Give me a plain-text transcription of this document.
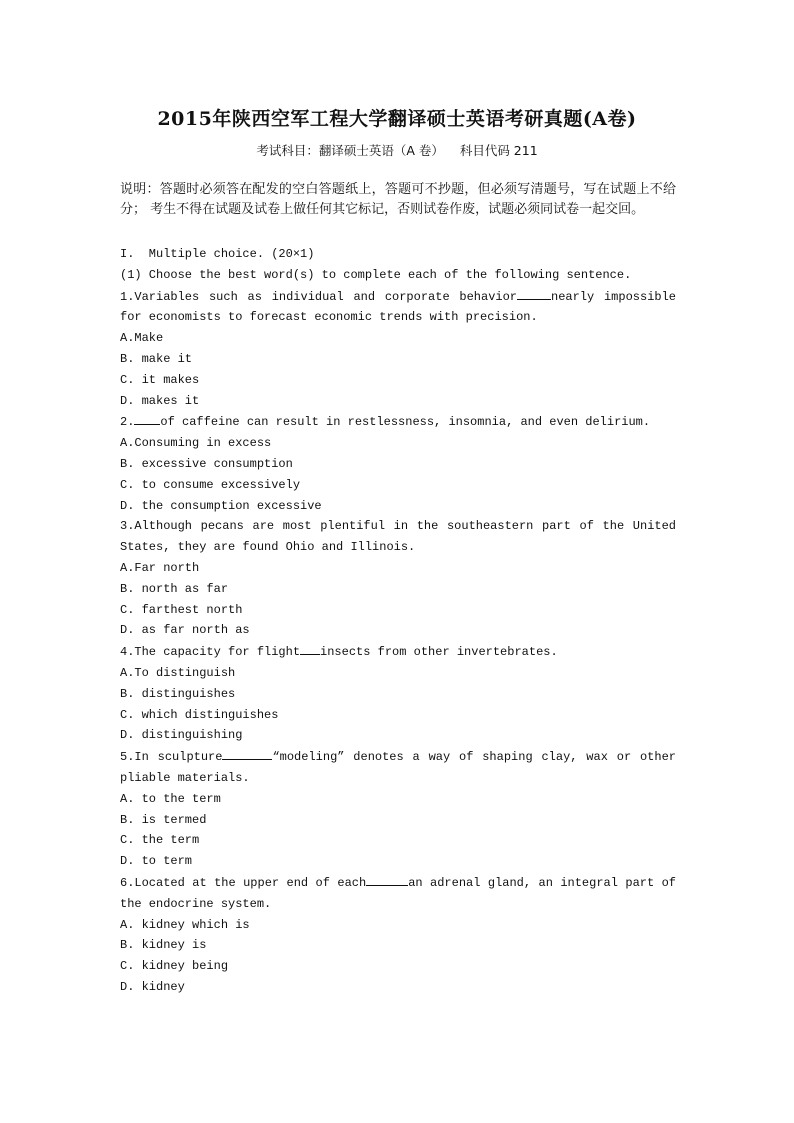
2015年陕西空军工程大学翻译硕士英语考研真题(A卷)
考试科目：翻译硕士英语（A 卷） 科目代码 211
说明：答题时必须答在配发的空白答题纸上，答题可不抄题，但必须写清题号，写在试题上不给分； 考生不得在试题及试卷上做任何其它标记，否则试卷作废，试题必须同试卷一起交回。
I.  Multiple choice. (20×1)
(1) Choose the best word(s) to complete each of the following sentence.
1.Variables such as individual and corporate behavior	nearly impossible for economists to forecast economic trends with precision.
A.Make
B. make it
C. it makes
D. makes it
2. of caffeine can result in restlessness, insomnia, and even delirium.
A.Consuming in excess
B. excessive consumption
C. to consume excessively
D. the consumption excessive
3.Although pecans are most plentiful in the southeastern part of the United States, they are found Ohio and Illinois.
A.Far north
B. north as far
C. farthest north
D. as far north as
4.The capacity for flight insects from other invertebrates.
A.To distinguish
B. distinguishes
C. which distinguishes
D. distinguishing
5.In sculpture	“modeling” denotes a way of shaping clay, wax or other pliable materials.
A. to the term
B. is termed
C. the term
D. to term
6.Located at the upper end of each	an adrenal gland, an integral part of the endocrine system.
A. kidney which is
B. kidney is
C. kidney being
D. kidney
